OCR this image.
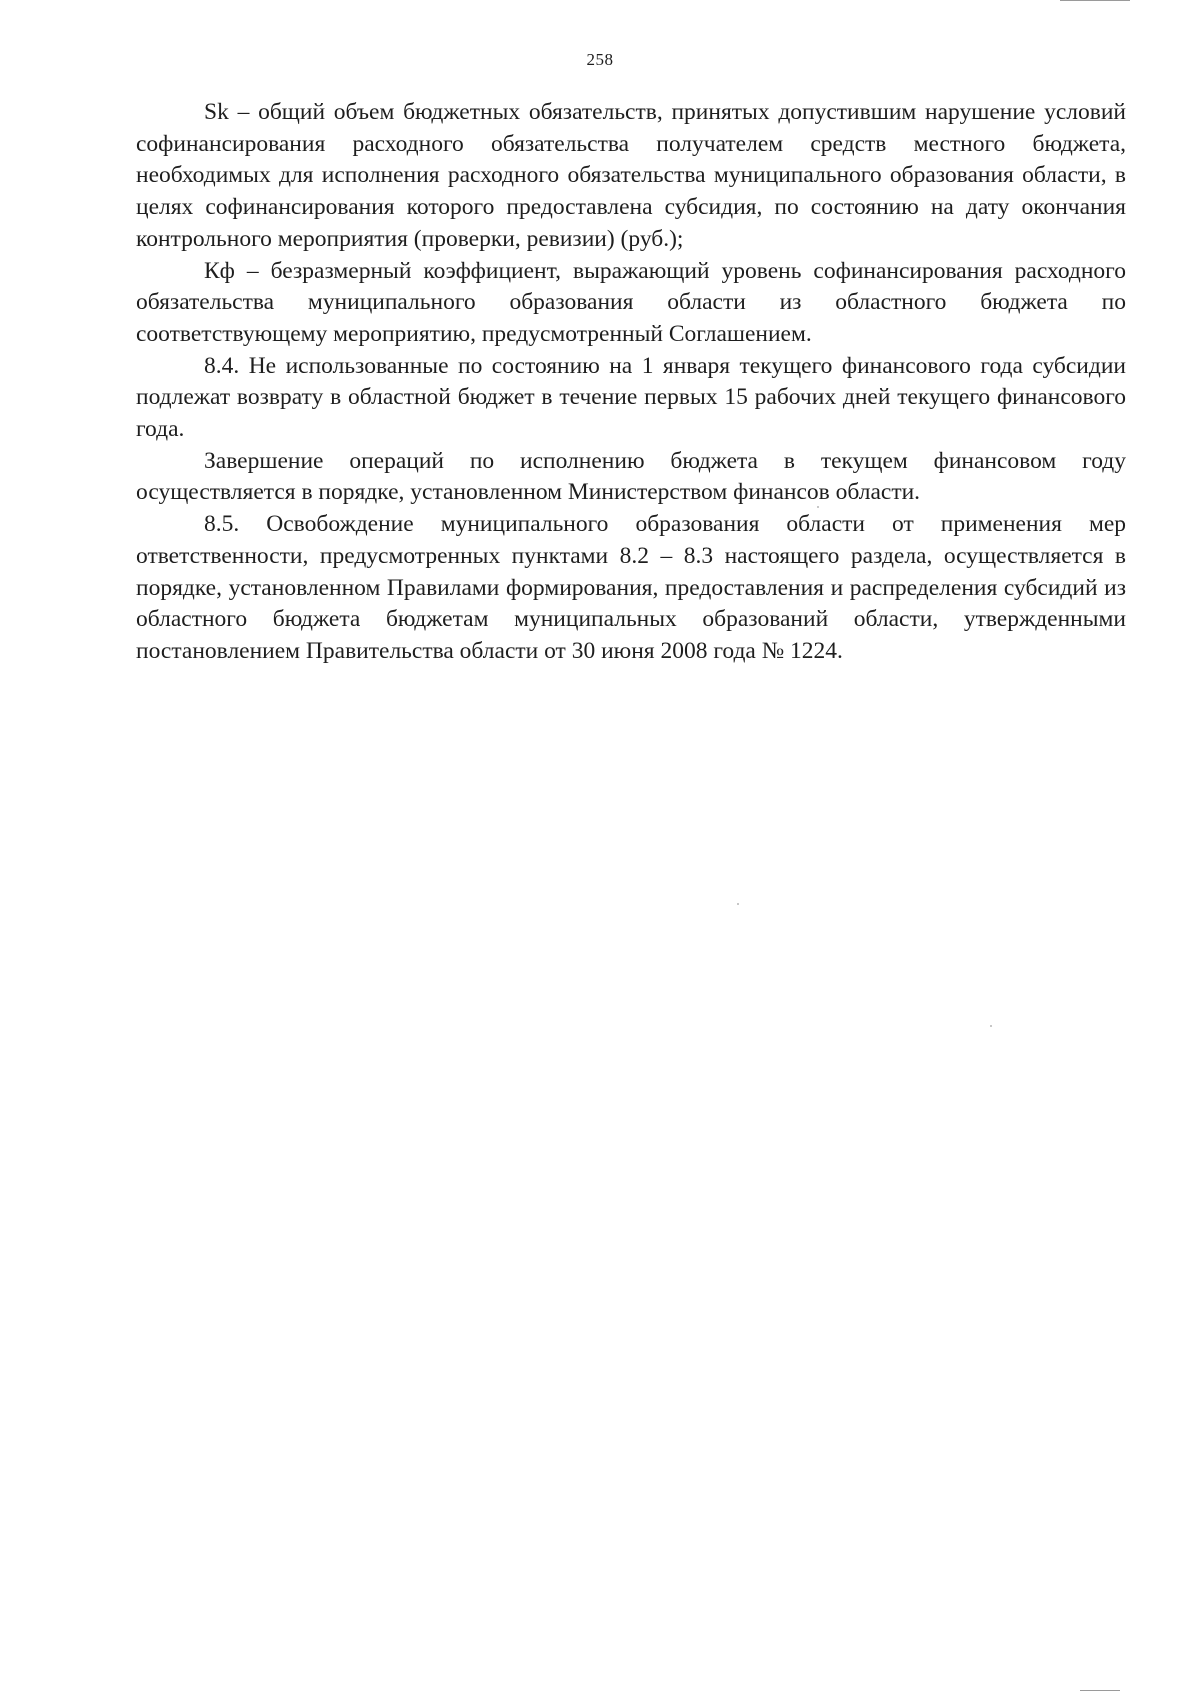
258

Sk – общий объем бюджетных обязательств, принятых допустившим нарушение условий софинансирования расходного обязательства получателем средств местного бюджета, необходимых для исполнения расходного обязательства муниципального образования области, в целях софинансирования которого предоставлена субсидия, по состоянию на дату окончания контрольного мероприятия (проверки, ревизии) (руб.);

Кф – безразмерный коэффициент, выражающий уровень софинансирования расходного обязательства муниципального образования области из областного бюджета по соответствующему мероприятию, предусмотренный Соглашением.

8.4. Не использованные по состоянию на 1 января текущего финансового года субсидии подлежат возврату в областной бюджет в течение первых 15 рабочих дней текущего финансового года.

Завершение операций по исполнению бюджета в текущем финансовом году осуществляется в порядке, установленном Министерством финансов области.

8.5. Освобождение муниципального образования области от применения мер ответственности, предусмотренных пунктами 8.2 – 8.3 настоящего раздела, осуществляется в порядке, установленном Правилами формирования, предоставления и распределения субсидий из областного бюджета бюджетам муниципальных образований области, утвержденными постановлением Правительства области от 30 июня 2008 года № 1224.
